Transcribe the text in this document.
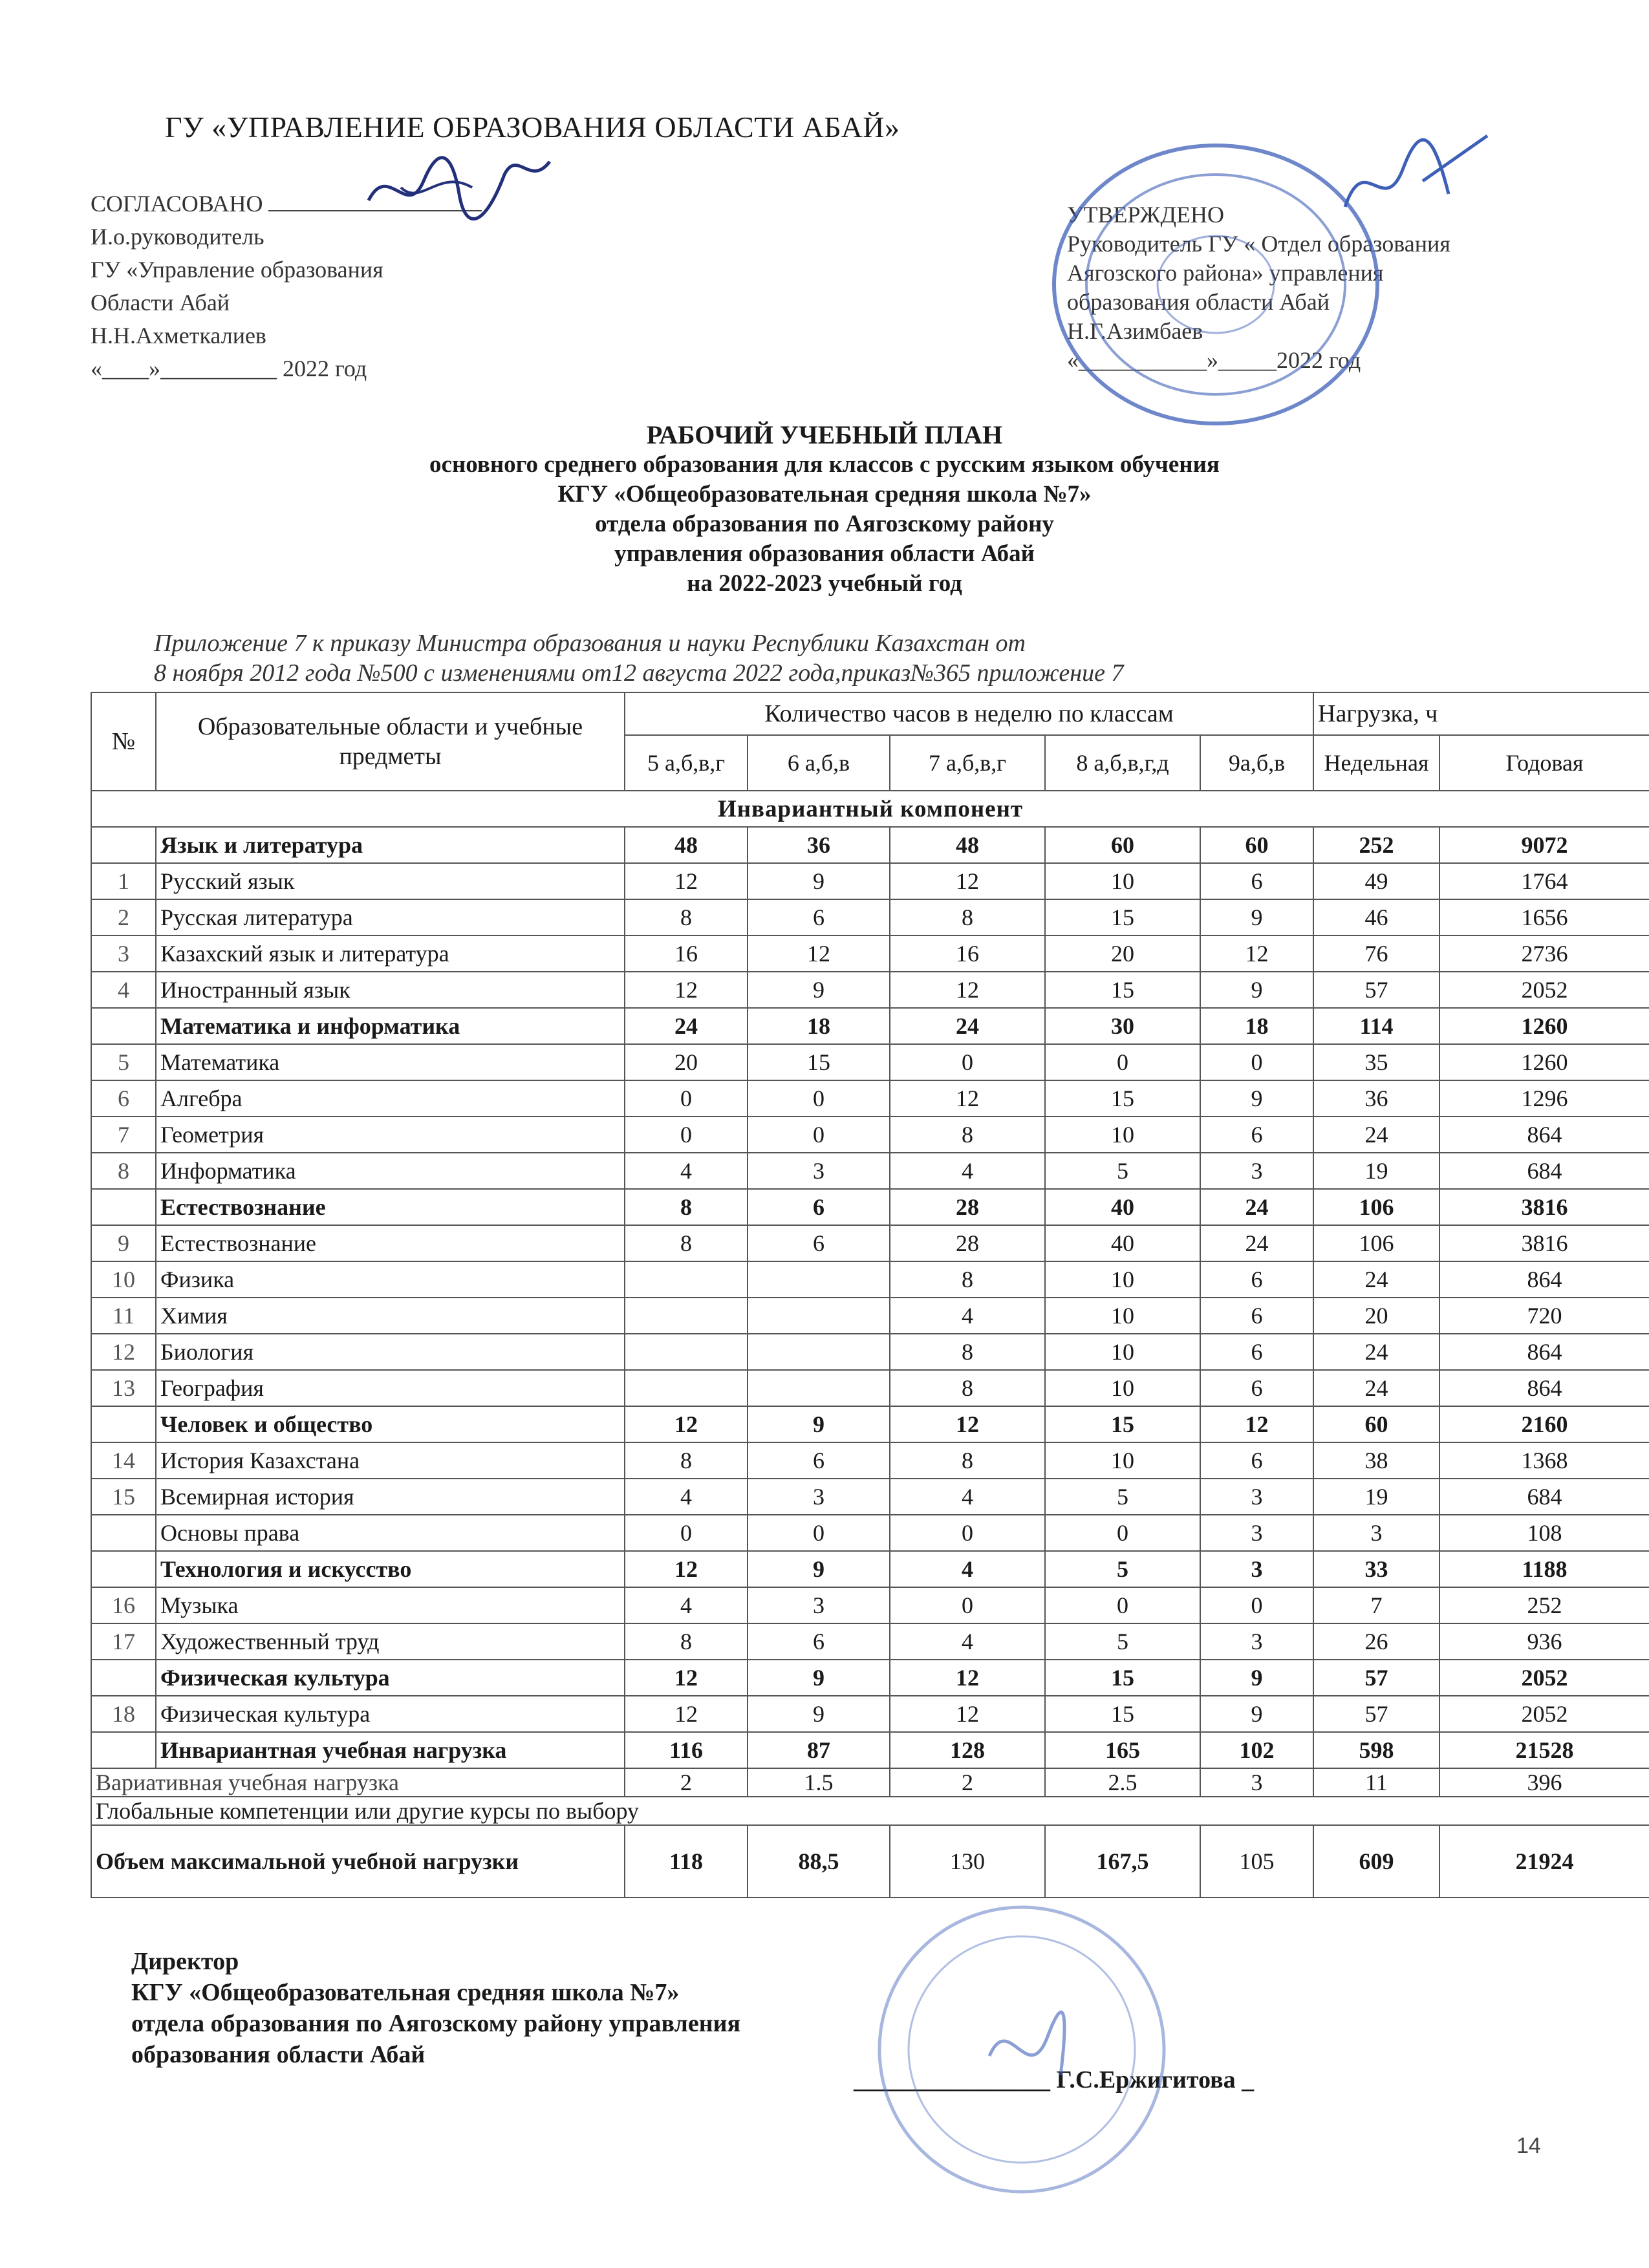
ГУ «УПРАВЛЕНИЕ ОБРАЗОВАНИЯ ОБЛАСТИ АБАЙ»
СОГЛАСОВАНО
И.о.руководитель
ГУ «Управление образования
Области Абай
Н.Н.Ахметкалиев
«____»__________ 2022 год
УТВЕРЖДЕНО
Руководитель ГУ « Отдел образования
Аягозского района» управления
образования области Абай
Н.Г.Азимбаев
«___________»_____2022 год
РАБОЧИЙ УЧЕБНЫЙ ПЛАН
основного среднего образования для классов с русским языком обучения
КГУ «Общеобразовательная средняя школа №7»
отдела образования по Аягозскому району
управления образования области Абай
на 2022-2023 учебный год
Приложение 7 к приказу Министра образования и науки Республики Казахстан от
8 ноября 2012 года №500 с изменениями от12 августа 2022 года,приказ№365 приложение 7
№	Образовательные области и учебные предметы	Количество часов в неделю по классам					Нагрузка, ч	
		5 а,б,в,г	6 а,б,в	7 а,б,в,г	8 а,б,в,г,д	9а,б,в	Недельная	Годовая
Инвариантный компонент								
	Язык и литература	48	36	48	60	60	252	9072
1	Русский язык	12	9	12	10	6	49	1764
2	Русская литература	8	6	8	15	9	46	1656
3	Казахский язык и литература	16	12	16	20	12	76	2736
4	Иностранный язык	12	9	12	15	9	57	2052
	Математика и информатика	24	18	24	30	18	114	1260
5	Математика	20	15	0	0	0	35	1260
6	Алгебра	0	0	12	15	9	36	1296
7	Геометрия	0	0	8	10	6	24	864
8	Информатика	4	3	4	5	3	19	684
	Естествознание	8	6	28	40	24	106	3816
9	Естествознание	8	6	28	40	24	106	3816
10	Физика			8	10	6	24	864
11	Химия			4	10	6	20	720
12	Биология			8	10	6	24	864
13	География			8	10	6	24	864
	Человек и общество	12	9	12	15	12	60	2160
14	История Казахстана	8	6	8	10	6	38	1368
15	Всемирная история	4	3	4	5	3	19	684
	Основы права	0	0	0	0	3	3	108
	Технология и искусство	12	9	4	5	3	33	1188
16	Музыка	4	3	0	0	0	7	252
17	Художественный труд	8	6	4	5	3	26	936
	Физическая культура	12	9	12	15	9	57	2052
18	Физическая культура	12	9	12	15	9	57	2052
	Инвариантная учебная нагрузка	116	87	128	165	102	598	21528
Вариативная учебная нагрузка		2	1.5	2	2.5	3	11	396
Глобальные компетенции или другие курсы по выбору								
Объем максимальной учебной нагрузки		118	88,5	130	167,5	105	609	21924
Директор
КГУ «Общеобразовательная средняя школа №7»
отдела образования по Аягозскому району управления
образования области Абай
________________ Г.С.Ержигитова _
14
